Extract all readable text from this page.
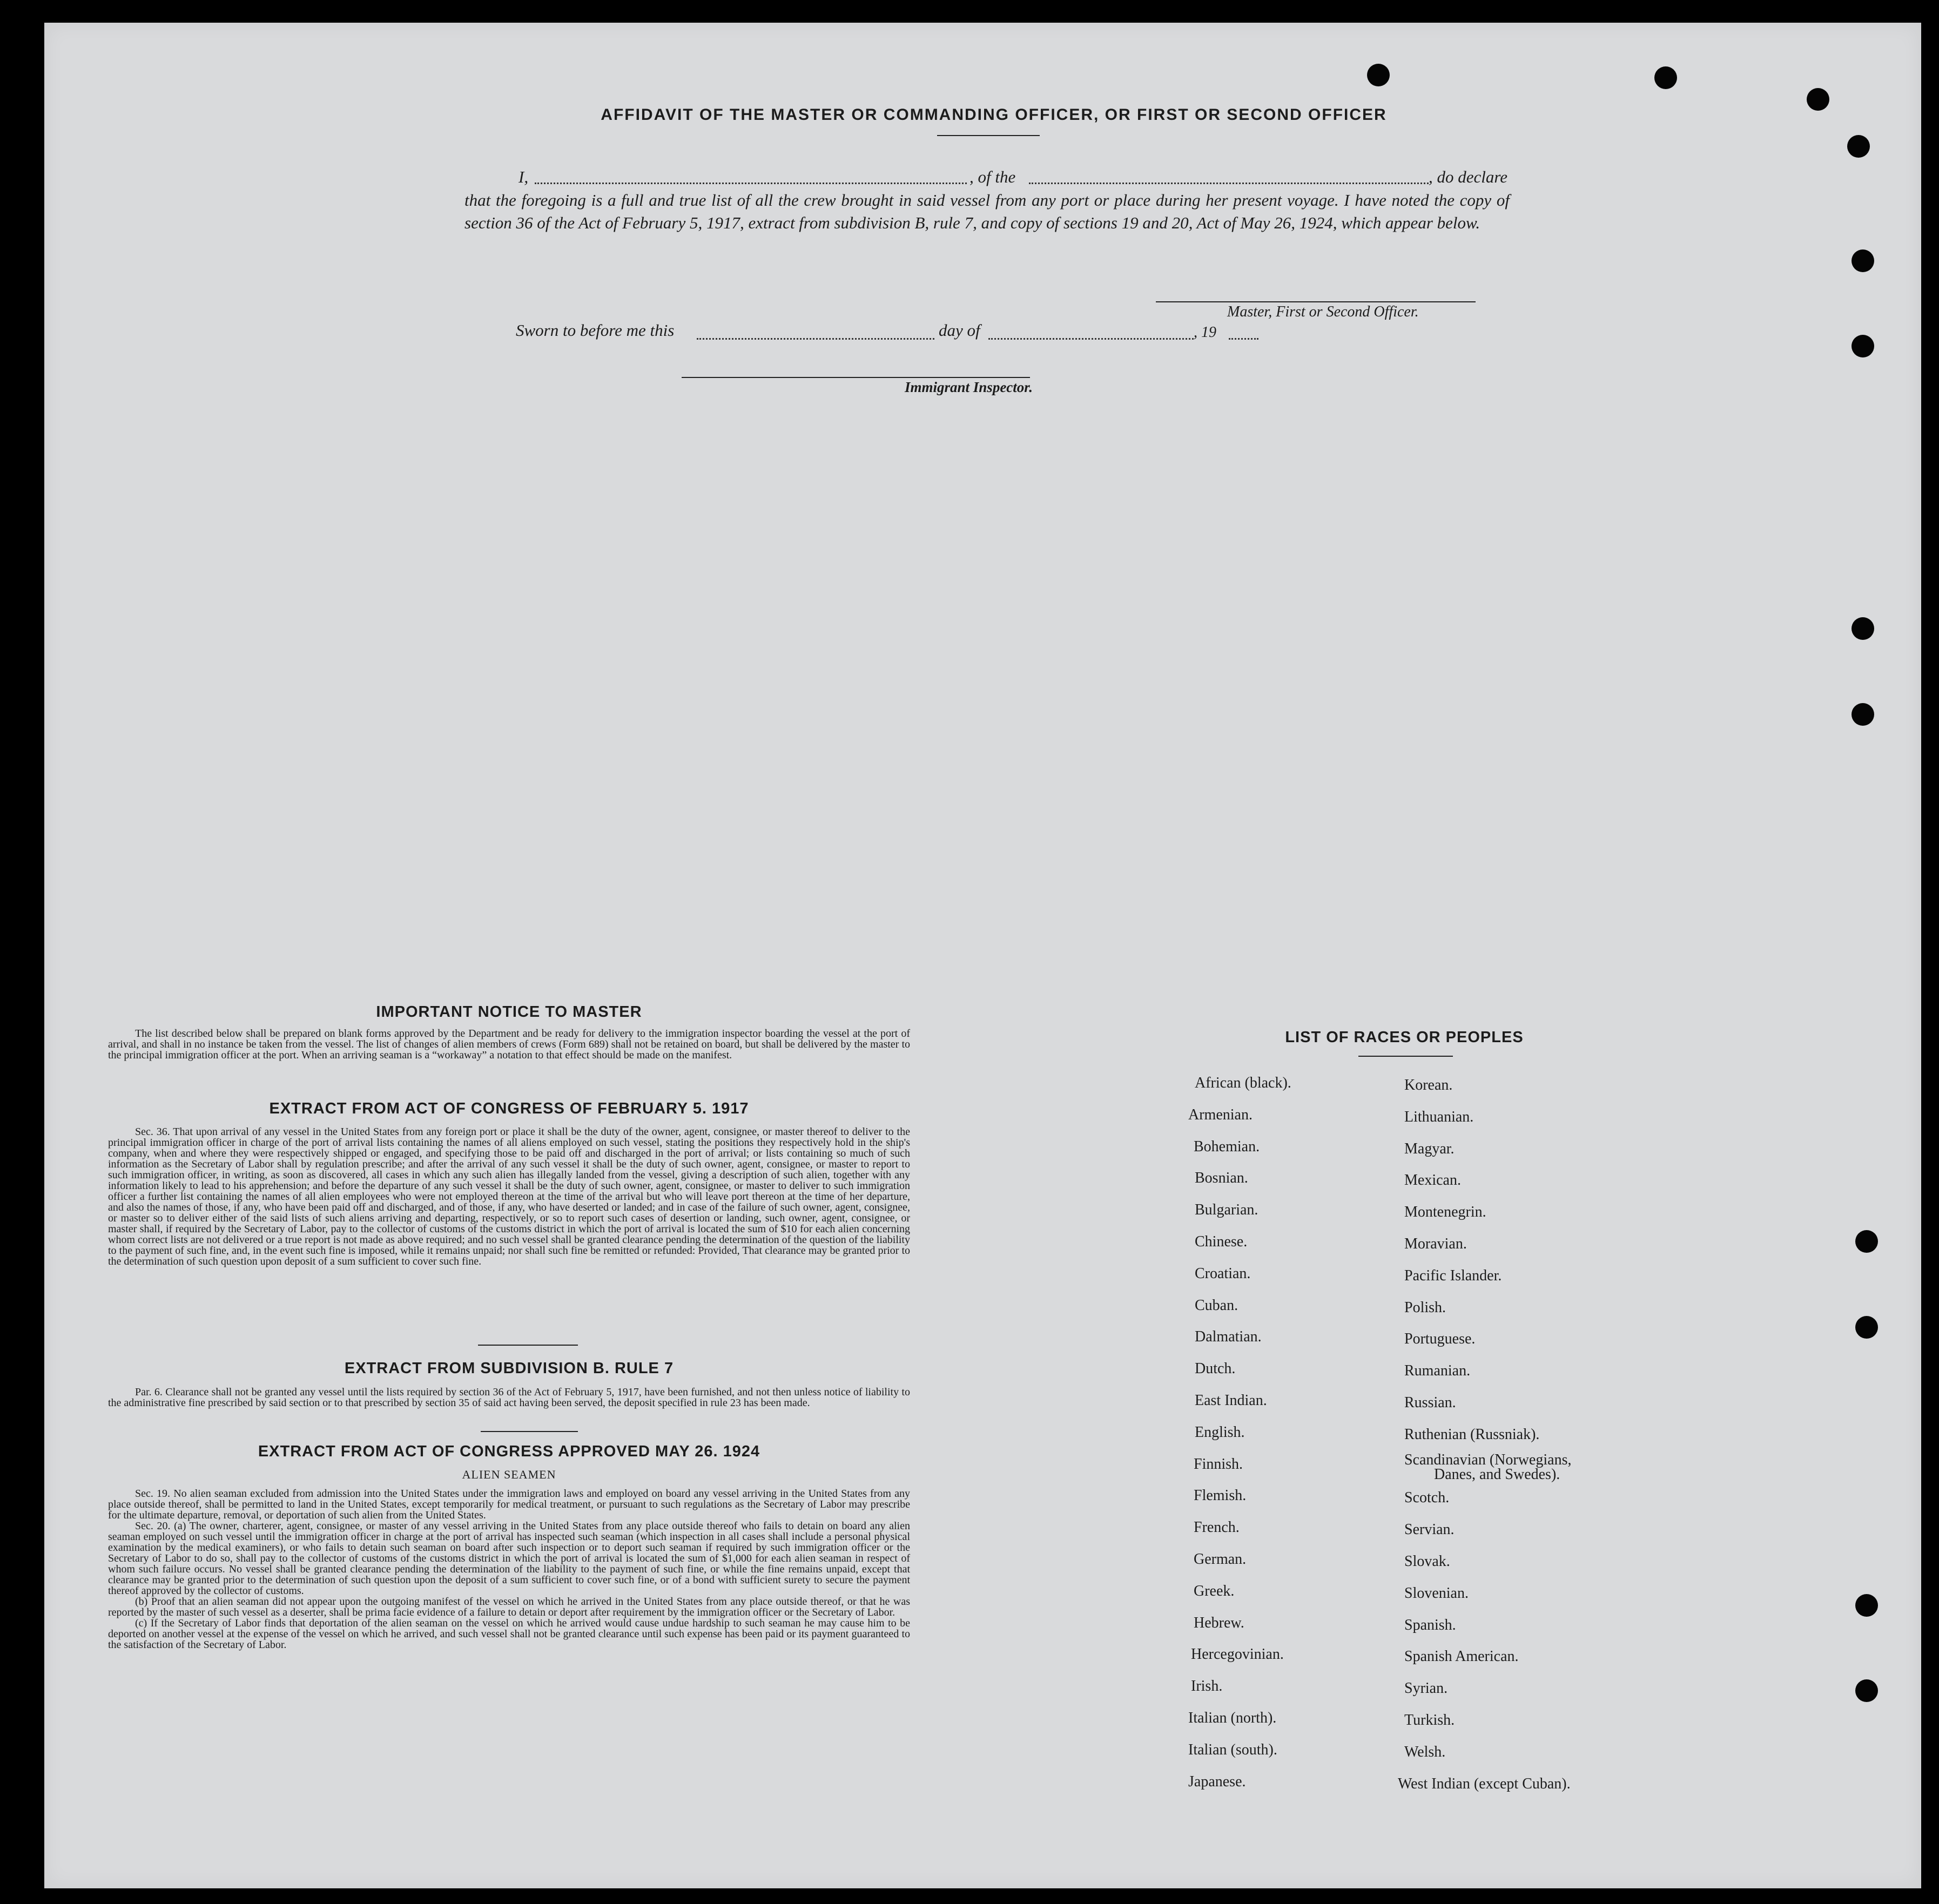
AFFIDAVIT OF THE MASTER OR COMMANDING OFFICER, OR FIRST OR SECOND OFFICER
I,	, of the	, do declare
that the foregoing is a full and true list of all the crew brought in said vessel from any port or place during her present voyage. I have noted the copy of section 36 of the Act of February 5, 1917, extract from subdivision B, rule 7, and copy of sections 19 and 20, Act of May 26, 1924, which appear below.
Master, First or Second Officer.
Sworn to before me this	day of	, 19
Immigrant Inspector.
IMPORTANT NOTICE TO MASTER

The list described below shall be prepared on blank forms approved by the Department and be ready for delivery to the immigration inspector boarding the vessel at the port of arrival, and shall in no instance be taken from the vessel. The list of changes of alien members of crews (Form 689) shall not be retained on board, but shall be delivered by the master to the principal immigration officer at the port. When an arriving seaman is a “workaway” a notation to that effect should be made on the manifest.

EXTRACT FROM ACT OF CONGRESS OF FEBRUARY 5. 1917

Sec. 36. That upon arrival of any vessel in the United States from any foreign port or place it shall be the duty of the owner, agent, consignee, or master thereof to deliver to the principal immigration officer in charge of the port of arrival lists containing the names of all aliens employed on such vessel, stating the positions they respectively hold in the ship's company, when and where they were respectively shipped or engaged, and specifying those to be paid off and discharged in the port of arrival; or lists containing so much of such information as the Secretary of Labor shall by regulation prescribe; and after the arrival of any such vessel it shall be the duty of such owner, agent, consignee, or master to report to such immigration officer, in writing, as soon as discovered, all cases in which any such alien has illegally landed from the vessel, giving a description of such alien, together with any information likely to lead to his apprehension; and before the departure of any such vessel it shall be the duty of such owner, agent, consignee, or master to deliver to such immigration officer a further list containing the names of all alien employees who were not employed thereon at the time of the arrival but who will leave port thereon at the time of her departure, and also the names of those, if any, who have been paid off and discharged, and of those, if any, who have deserted or landed; and in case of the failure of such owner, agent, consignee, or master so to deliver either of the said lists of such aliens arriving and departing, respectively, or so to report such cases of desertion or landing, such owner, agent, consignee, or master shall, if required by the Secretary of Labor, pay to the collector of customs of the customs district in which the port of arrival is located the sum of $10 for each alien concerning whom correct lists are not delivered or a true report is not made as above required; and no such vessel shall be granted clearance pending the determination of the question of the liability to the payment of such fine, and, in the event such fine is imposed, while it remains unpaid; nor shall such fine be remitted or refunded: Provided, That clearance may be granted prior to the determination of such question upon deposit of a sum sufficient to cover such fine.

EXTRACT FROM SUBDIVISION B. RULE 7

Par. 6. Clearance shall not be granted any vessel until the lists required by section 36 of the Act of February 5, 1917, have been furnished, and not then unless notice of liability to the administrative fine prescribed by said section or to that prescribed by section 35 of said act having been served, the deposit specified in rule 23 has been made.

EXTRACT FROM ACT OF CONGRESS APPROVED MAY 26. 1924
ALIEN SEAMEN

Sec. 19. No alien seaman excluded from admission into the United States under the immigration laws and employed on board any vessel arriving in the United States from any place outside thereof, shall be permitted to land in the United States, except temporarily for medical treatment, or pursuant to such regulations as the Secretary of Labor may prescribe for the ultimate departure, removal, or deportation of such alien from the United States.

Sec. 20. (a) The owner, charterer, agent, consignee, or master of any vessel arriving in the United States from any place outside thereof who fails to detain on board any alien seaman employed on such vessel until the immigration officer in charge at the port of arrival has inspected such seaman (which inspection in all cases shall include a personal physical examination by the medical examiners), or who fails to detain such seaman on board after such inspection or to deport such seaman if required by such immigration officer or the Secretary of Labor to do so, shall pay to the collector of customs of the customs district in which the port of arrival is located the sum of $1,000 for each alien seaman in respect of whom such failure occurs. No vessel shall be granted clearance pending the determination of the liability to the payment of such fine, or while the fine remains unpaid, except that clearance may be granted prior to the determination of such question upon the deposit of a sum sufficient to cover such fine, or of a bond with sufficient surety to secure the payment thereof approved by the collector of customs.

(b) Proof that an alien seaman did not appear upon the outgoing manifest of the vessel on which he arrived in the United States from any place outside thereof, or that he was reported by the master of such vessel as a deserter, shall be prima facie evidence of a failure to detain or deport after requirement by the immigration officer or the Secretary of Labor.

(c) If the Secretary of Labor finds that deportation of the alien seaman on the vessel on which he arrived would cause undue hardship to such seaman he may cause him to be deported on another vessel at the expense of the vessel on which he arrived, and such vessel shall not be granted clearance until such expense has been paid or its payment guaranteed to the satisfaction of the Secretary of Labor.

LIST OF RACES OR PEOPLES
African (black).
Armenian.
Bohemian.
Bosnian.
Bulgarian.
Chinese.
Croatian.
Cuban.
Dalmatian.
Dutch.
East Indian.
English.
Finnish.
Flemish.
French.
German.
Greek.
Hebrew.
Hercegovinian.
Irish.
Italian (north).
Italian (south).
Japanese.
Korean.
Lithuanian.
Magyar.
Mexican.
Montenegrin.
Moravian.
Pacific Islander.
Polish.
Portuguese.
Rumanian.
Russian.
Ruthenian (Russniak).
Scandinavian (Norwegians,
Scotch.
Servian.
Slovak.
Slovenian.
Spanish.
Spanish American.
Syrian.
Turkish.
Welsh.
West Indian (except Cuban).
Danes, and Swedes).
